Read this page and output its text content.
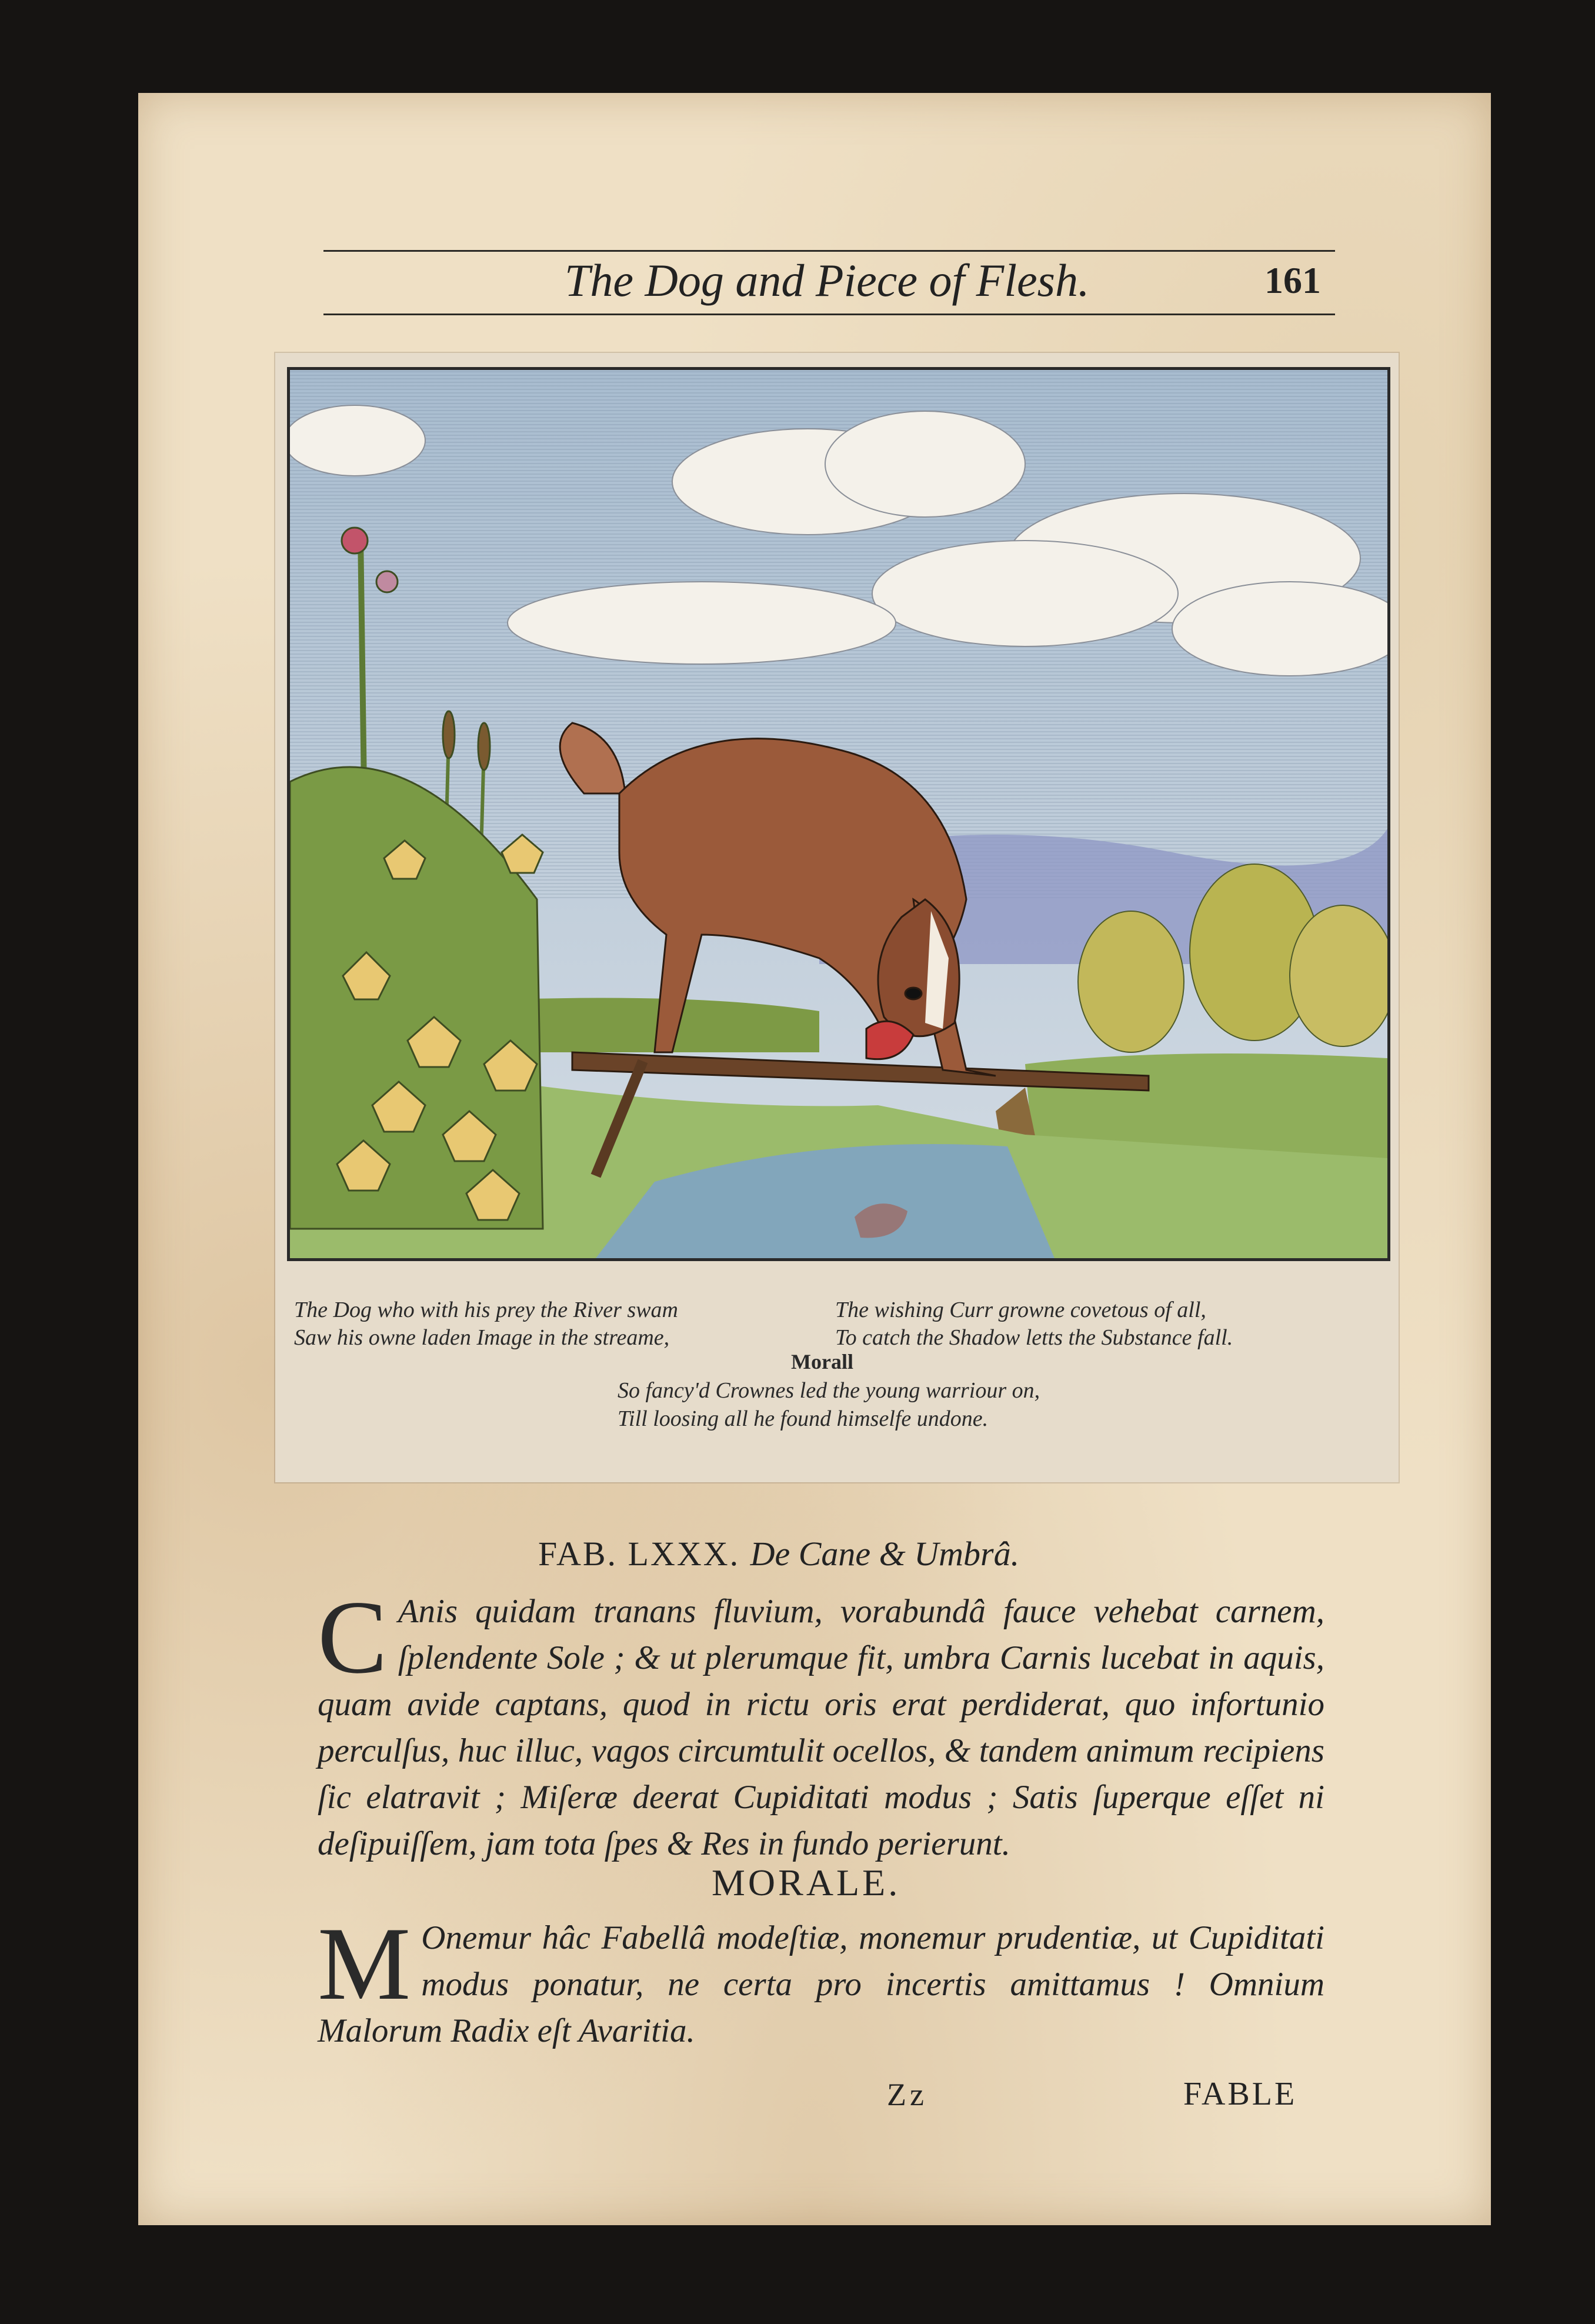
The Dog and Piece of Flesh.	161
The Dog who with his prey the River swam
Saw his owne laden Image in the streame,
The wishing Curr growne covetous of all,
To catch the Shadow letts the Substance fall.
Morall
So fancy'd Crownes led the young warriour on,
Till loosing all he found himselfe undone.
FAB. LXXX. De Cane & Umbrâ.
C Anis quidam tranans fluvium, vorabundâ fauce vehebat carnem, ſplendente Sole ; & ut plerumque fit, umbra Carnis lucebat in aquis, quam avide captans, quod in rictu oris erat perdiderat, quo infortunio perculſus, huc illuc, vagos circumtulit ocellos, & tandem animum recipiens ſic elatravit ; Miſeræ deerat Cupiditati modus ; Satis ſuperque eſſet ni deſipuiſſem, jam tota ſpes & Res in fundo perierunt.
MORALE.
M Onemur hâc Fabellâ modeſtiæ, monemur prudentiæ, ut Cupiditati modus ponatur, ne certa pro incertis amittamus ! Omnium Malorum Radix eſt Avaritia.
Zz	FABLE
